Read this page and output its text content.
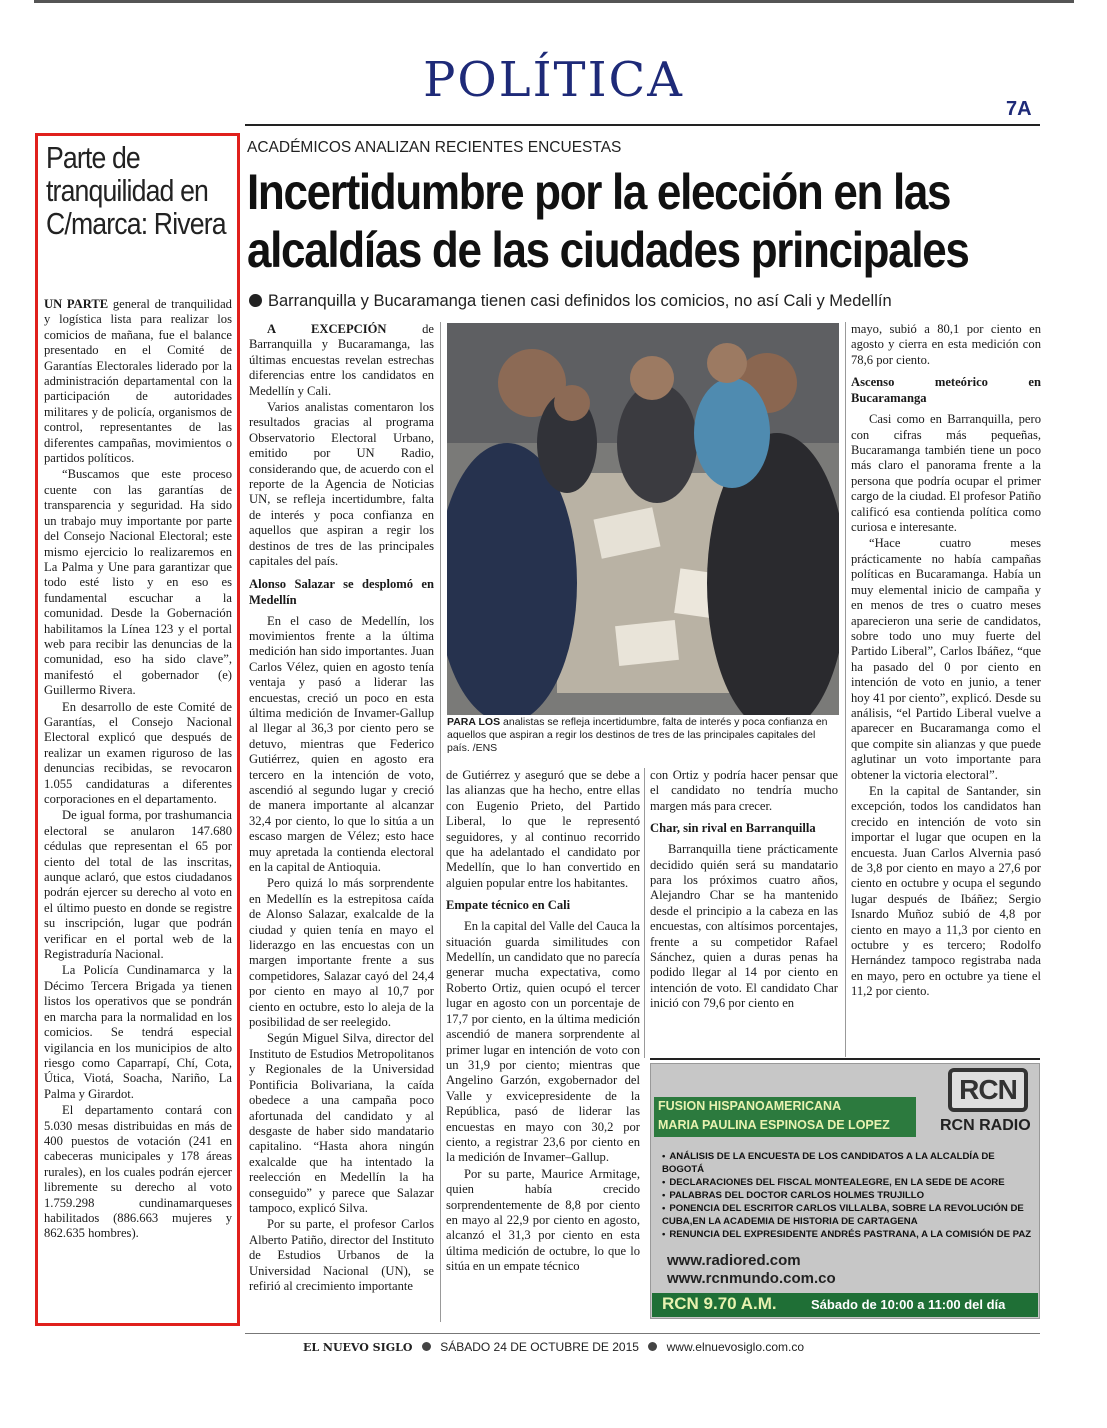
POLÍTICA
7A
Parte de tranquilidad en C/marca: Rivera

UN PARTE general de tranquilidad y logística lista para realizar los comicios de mañana, fue el balance presentado en el Comité de Garantías Electorales liderado por la administración departamental con la participación de autoridades militares y de policía, organismos de control, representantes de las diferentes campañas, movimientos o partidos políticos.

“Buscamos que este proceso cuente con las garantías de transparencia y seguridad. Ha sido un trabajo muy importante por parte del Consejo Nacional Electoral; este mismo ejercicio lo realizaremos en La Palma y Une para garantizar que todo esté listo y en eso es fundamental escuchar a la comunidad. Desde la Gobernación habilitamos la Línea 123 y el portal web para recibir las denuncias de la comunidad, eso ha sido clave”, manifestó el gobernador (e) Guillermo Rivera.

En desarrollo de este Comité de Garantías, el Consejo Nacional Electoral explicó que después de realizar un examen riguroso de las denuncias recibidas, se revocaron 1.055 candidaturas a diferentes corporaciones en el departamento.

De igual forma, por trashumancia electoral se anularon 147.680 cédulas que representan el 65 por ciento del total de las inscritas, aunque aclaró, que estos ciudadanos podrán ejercer su derecho al voto en el último puesto en donde se registre su inscripción, lugar que podrán verificar en el portal web de la Registraduría Nacional.

La Policía Cundinamarca y la Décimo Tercera Brigada ya tienen listos los operativos que se pondrán en marcha para la normalidad en los comicios. Se tendrá especial vigilancia en los municipios de alto riesgo como Caparrapí, Chí, Cota, Útica, Viotá, Soacha, Nariño, La Palma y Girardot.

El departamento contará con 5.030 mesas distribuidas en más de 400 puestos de votación (241 en cabeceras municipales y 178 áreas rurales), en los cuales podrán ejercer libremente su derecho al voto 1.759.298 cundinamarqueses habilitados (886.663 mujeres y 862.635 hombres).

ACADÉMICOS ANALIZAN RECIENTES ENCUESTAS
Incertidumbre por la elección en las
alcaldías de las ciudades principales
Barranquilla y Bucaramanga tienen casi definidos los comicios, no así Cali y Medellín

A EXCEPCIÓN de Barranquilla y Bucaramanga, las últimas encuestas revelan estrechas diferencias entre los candidatos en Medellín y Cali.

Varios analistas comentaron los resultados gracias al programa Observatorio Electoral Urbano, emitido por UN Radio, considerando que, de acuerdo con el reporte de la Agencia de Noticias UN, se refleja incertidumbre, falta de interés y poca confianza en aquellos que aspiran a regir los destinos de tres de las principales capitales del país.

Alonso Salazar se desplomó en Medellín

En el caso de Medellín, los movimientos frente a la última medición han sido importantes. Juan Carlos Vélez, quien en agosto tenía ventaja y pasó a liderar las encuestas, creció un poco en esta última medición de Invamer-Gallup al llegar al 36,3 por ciento pero se detuvo, mientras que Federico Gutiérrez, quien en agosto era tercero en la intención de voto, ascendió al segundo lugar y creció de manera importante al alcanzar 32,4 por ciento, lo que lo sitúa a un escaso margen de Vélez; esto hace muy apretada la contienda electoral en la capital de Antioquia.

Pero quizá lo más sorprendente en Medellín es la estrepitosa caída de Alonso Salazar, exalcalde de la ciudad y quien tenía en mayo el liderazgo en las encuestas con un margen importante frente a sus competidores, Salazar cayó del 24,4 por ciento en mayo al 10,7 por ciento en octubre, esto lo aleja de la posibilidad de ser reelegido.

Según Miguel Silva, director del Instituto de Estudios Metropolitanos y Regionales de la Universidad Pontificia Bolivariana, la caída obedece a una campaña poco afortunada del candidato y al desgaste de haber sido mandatario capitalino. “Hasta ahora ningún exalcalde que ha intentado la reelección en Medellín la ha conseguido” y parece que Salazar tampoco, explicó Silva.

Por su parte, el profesor Carlos Alberto Patiño, director del Instituto de Estudios Urbanos de la Universidad Nacional (UN), se refirió al crecimiento importante

PARA LOS analistas se refleja incertidumbre, falta de interés y poca confianza en aquellos que aspiran a regir los destinos de tres de las principales capitales del país. /ENS

de Gutiérrez y aseguró que se debe a las alianzas que ha hecho, entre ellas con Eugenio Prieto, del Partido Liberal, lo que le representó seguidores, y al continuo recorrido que ha adelantado el candidato por Medellín, que lo han convertido en alguien popular entre los habitantes.

Empate técnico en Cali

En la capital del Valle del Cauca la situación guarda similitudes con Medellín, un candidato que no parecía generar mucha expectativa, como Roberto Ortiz, quien ocupó el tercer lugar en agosto con un porcentaje de 17,7 por ciento, en la última medición ascendió de manera sorprendente al primer lugar en intención de voto con un 31,9 por ciento; mientras que Angelino Garzón, exgobernador del Valle y exvicepresidente de la República, pasó de liderar las encuestas en mayo con 30,2 por ciento, a registrar 23,6 por ciento en la medición de Invamer–Gallup.

Por su parte, Maurice Armitage, quien había crecido sorprendentemente de 8,8 por ciento en mayo al 22,9 por ciento en agosto, alcanzó el 31,3 por ciento en esta última medición de octubre, lo que lo sitúa en un empate técnico

con Ortiz y podría hacer pensar que el candidato no tendría mucho margen más para crecer.

Char, sin rival en Barranquilla

Barranquilla tiene prácticamente decidido quién será su mandatario para los próximos cuatro años, Alejandro Char se ha mantenido desde el principio a la cabeza en las encuestas, con altísimos porcentajes, frente a su competidor Rafael Sánchez, quien a duras penas ha podido llegar al 14 por ciento en intención de voto. El candidato Char inició con 79,6 por ciento en

mayo, subió a 80,1 por ciento en agosto y cierra en esta medición con 78,6 por ciento.

Ascenso meteórico en Bucaramanga

Casi como en Barranquilla, pero con cifras más pequeñas, Bucaramanga también tiene un poco más claro el panorama frente a la persona que podría ocupar el primer cargo de la ciudad. El profesor Patiño calificó esa contienda política como curiosa e interesante.

“Hace cuatro meses prácticamente no había campañas políticas en Bucaramanga. Había un muy elemental inicio de campaña y en menos de tres o cuatro meses aparecieron una serie de candidatos, sobre todo uno muy fuerte del Partido Liberal”, Carlos Ibáñez, “que ha pasado del 0 por ciento en intención de voto en junio, a tener hoy 41 por ciento”, explicó. Desde su análisis, “el Partido Liberal vuelve a aparecer en Bucaramanga como el que compite sin alianzas y que puede aglutinar un voto importante para obtener la victoria electoral”.

En la capital de Santander, sin excepción, todos los candidatos han crecido en intención de voto sin importar el lugar que ocupen en la encuesta. Juan Carlos Alvernia pasó de 3,8 por ciento en mayo a 27,6 por ciento en octubre y ocupa el segundo lugar después de Ibáñez; Sergio Isnardo Muñoz subió de 4,8 por ciento en mayo a 11,3 por ciento en octubre y es tercero; Rodolfo Hernández tampoco registraba nada en mayo, pero en octubre ya tiene el 11,2 por ciento.

FUSION HISPANOAMERICANA
MARIA PAULINA ESPINOSA DE LOPEZ
RCN
RCN RADIO
• ANÁLISIS DE LA ENCUESTA DE LOS CANDIDATOS A LA ALCALDÍA DE BOGOTÁ
• DECLARACIONES DEL FISCAL MONTEALEGRE, EN LA SEDE DE ACORE
• PALABRAS DEL DOCTOR CARLOS HOLMES TRUJILLO
• PONENCIA DEL ESCRITOR CARLOS VILLALBA, SOBRE LA REVOLUCIÓN DE CUBA,EN LA ACADEMIA DE HISTORIA DE CARTAGENA
• RENUNCIA DEL EXPRESIDENTE ANDRÉS PASTRANA, A LA COMISIÓN DE PAZ
www.radiored.com
www.rcnmundo.com.co
RCN 9.70 A.M.	Sábado de 10:00 a 11:00 del día
EL NUEVO SIGLO SÁBADO 24 DE OCTUBRE DE 2015 www.elnuevosiglo.com.co
